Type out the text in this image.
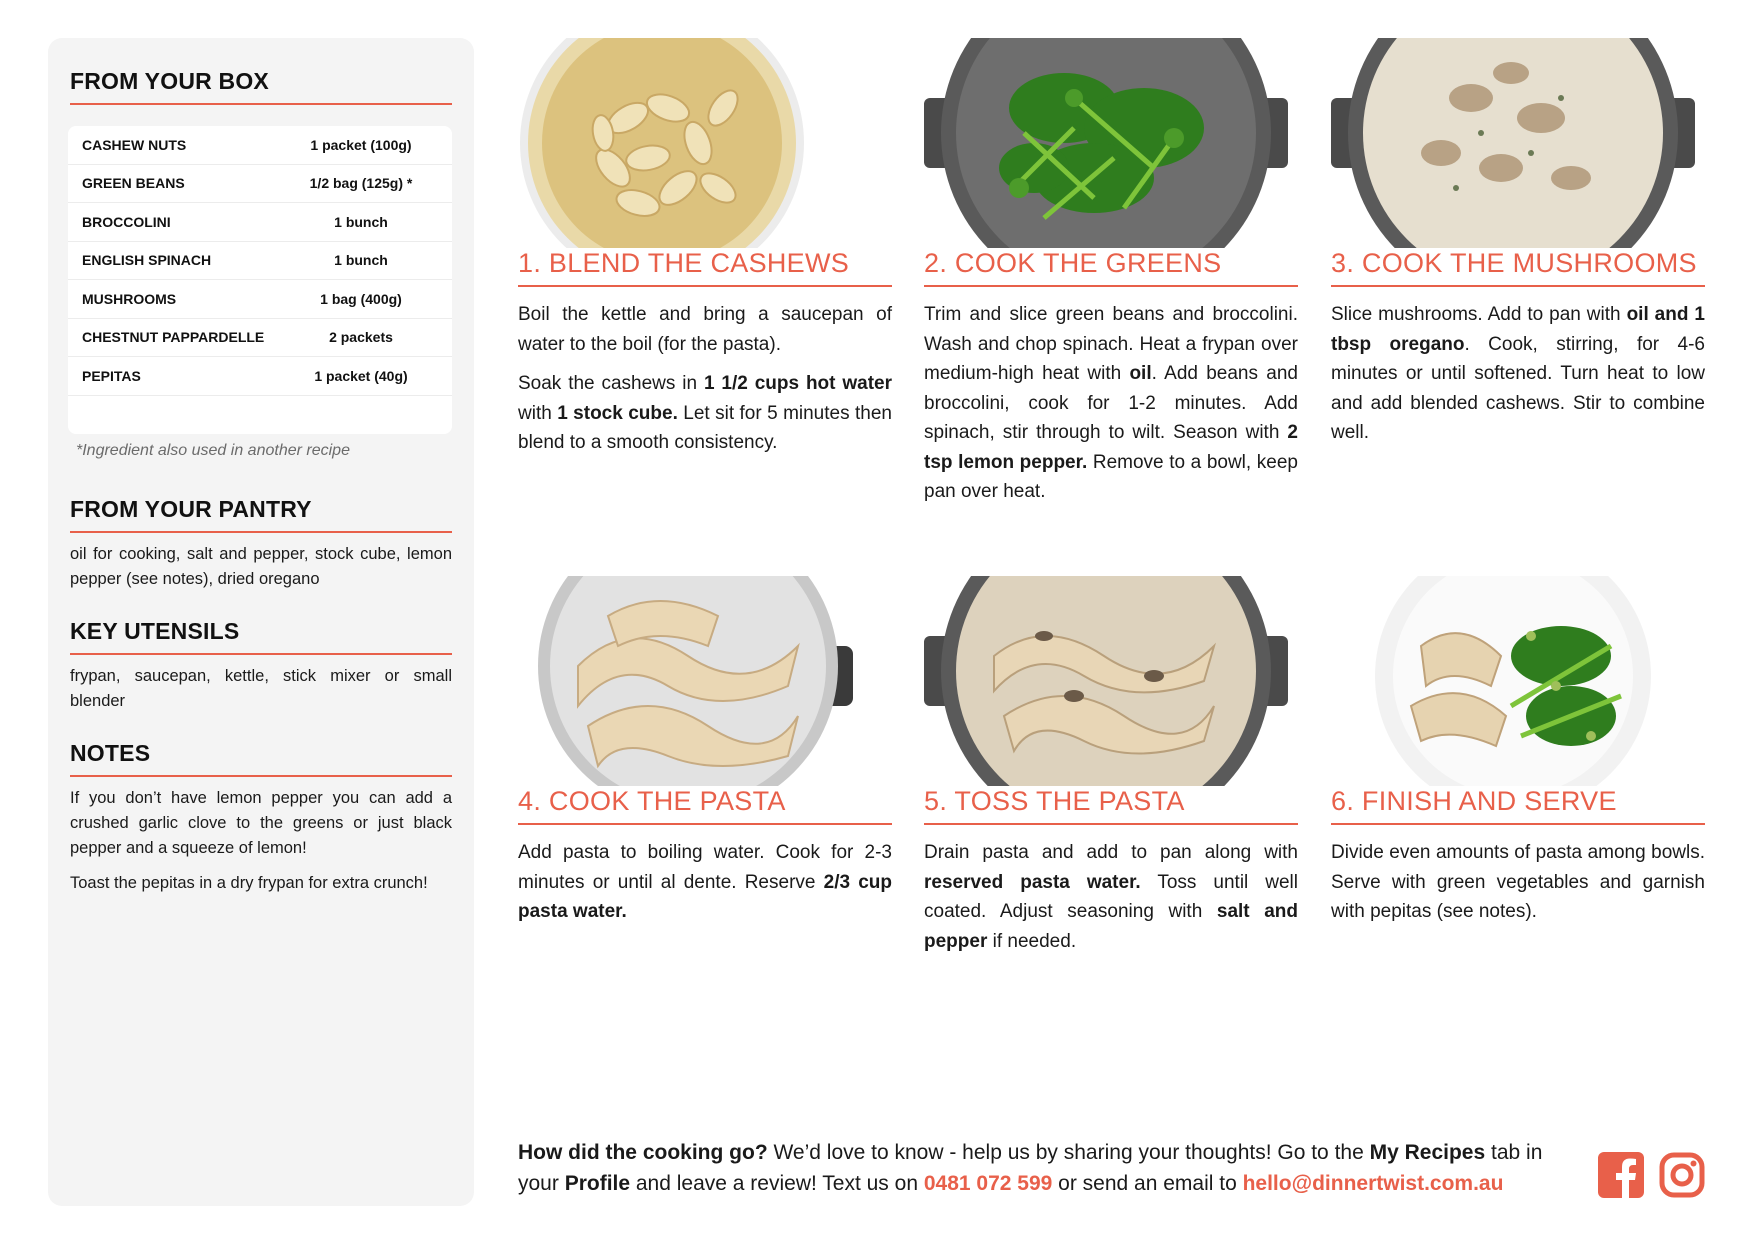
FROM YOUR BOX
CASHEW NUTS	1 packet (100g)
GREEN BEANS	1/2 bag (125g) *
BROCCOLINI	1 bunch
ENGLISH SPINACH	1 bunch
MUSHROOMS	1 bag (400g)
CHESTNUT PAPPARDELLE	2 packets
PEPITAS	1 packet (40g)
*Ingredient also used in another recipe
FROM YOUR PANTRY
oil for cooking, salt and pepper, stock cube, lemon pepper (see notes), dried oregano
KEY UTENSILS
frypan, saucepan, kettle, stick mixer or small blender
NOTES

If you don’t have lemon pepper you can add a crushed garlic clove to the greens or just black pepper and a squeeze of lemon!

Toast the pepitas in a dry frypan for extra crunch!

1. BLEND THE CASHEWS

Boil the kettle and bring a saucepan of water to the boil (for the pasta).

Soak the cashews in 1 1/2 cups hot water with 1 stock cube. Let sit for 5 minutes then blend to a smooth consistency.

2. COOK THE GREENS

Trim and slice green beans and broccolini. Wash and chop spinach. Heat a frypan over medium-high heat with oil. Add beans and broccolini, cook for 1-2 minutes. Add spinach, stir through to wilt. Season with 2 tsp lemon pepper. Remove to a bowl, keep pan over heat.

3. COOK THE MUSHROOMS

Slice mushrooms. Add to pan with oil and 1 tbsp oregano. Cook, stirring, for 4-6 minutes or until softened. Turn heat to low and add blended cashews. Stir to combine well.

4. COOK THE PASTA

Add pasta to boiling water. Cook for 2-3 minutes or until al dente. Reserve 2/3 cup pasta water.

5. TOSS THE PASTA

Drain pasta and add to pan along with reserved pasta water. Toss until well coated. Adjust seasoning with salt and pepper if needed.

6. FINISH AND SERVE

Divide even amounts of pasta among bowls. Serve with green vegetables and garnish with pepitas (see notes).

How did the cooking go? We’d love to know - help us by sharing your thoughts! Go to the My Recipes tab in your Profile and leave a review! Text us on 0481 072 599 or send an email to hello@dinnertwist.com.au
